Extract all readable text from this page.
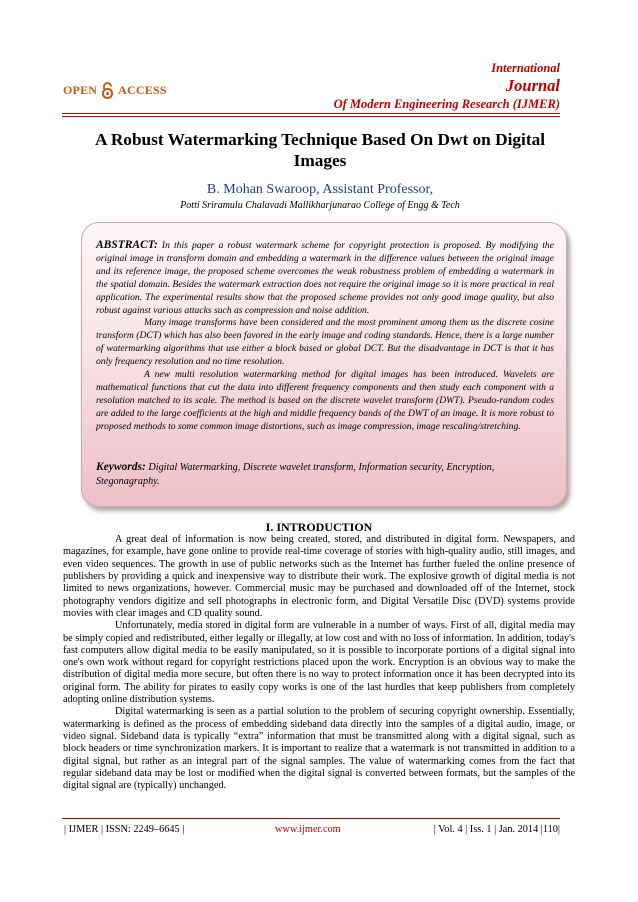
OPEN ACCESS
International
Journal
Of Modern Engineering Research (IJMER)
A Robust Watermarking Technique Based On Dwt on Digital Images
B. Mohan Swaroop, Assistant Professor,
Potti Sriramulu Chalavadi Mallikharjunarao College of Engg & Tech

ABSTRACT: In this paper a robust watermark scheme for copyright protection is proposed. By modifying the original image in transform domain and embedding a watermark in the difference values between the original image and its reference image, the proposed scheme overcomes the weak robustness problem of embedding a watermark in the spatial domain. Besides the watermark extraction does not require the original image so it is more practical in real application. The experimental results show that the proposed scheme provides not only good image quality, but also robust against various attacks such as compression and noise addition.

Many image transforms have been considered and the most prominent among them us the discrete cosine transform (DCT) which has also been favored in the early image and coding standards. Hence, there is a large number of watermarking algorithms that use either a block based or global DCT. But the disadvantage in DCT is that it has only frequency resolution and no time resolution.

A new multi resolution watermarking method for digital images has been introduced. Wavelets are mathematical functions that cut the data into different frequency components and then study each component with a resolution matched to its scale. The method is based on the discrete wavelet transform (DWT). Pseudo-random codes are added to the large coefficients at the high and middle frequency bands of the DWT of an image. It is more robust to proposed methods to some common image distortions, such as image compression, image rescaling/stretching.

Keywords: Digital Watermarking, Discrete wavelet transform, Information security, Encryption, Stegonagraphy.
I. INTRODUCTION

A great deal of information is now being created, stored, and distributed in digital form. Newspapers, and magazines, for example, have gone online to provide real-time coverage of stories with high-quality audio, still images, and even video sequences. The growth in use of public networks such as the Internet has further fueled the online presence of publishers by providing a quick and inexpensive way to distribute their work. The explosive growth of digital media is not limited to news organizations, however. Commercial music may be purchased and downloaded off of the Internet, stock photography vendors digitize and sell photographs in electronic form, and Digital Versatile Disc (DVD) systems provide movies with clear images and CD quality sound.

Unfortunately, media stored in digital form are vulnerable in a number of ways. First of all, digital media may be simply copied and redistributed, either legally or illegally, at low cost and with no loss of information. In addition, today's fast computers allow digital media to be easily manipulated, so it is possible to incorporate portions of a digital signal into one's own work without regard for copyright restrictions placed upon the work. Encryption is an obvious way to make the distribution of digital media more secure, but often there is no way to protect information once it has been decrypted into its original form. The ability for pirates to easily copy works is one of the last hurdles that keep publishers from completely adopting online distribution systems.

Digital watermarking is seen as a partial solution to the problem of securing copyright ownership. Essentially, watermarking is defined as the process of embedding sideband data directly into the samples of a digital audio, image, or video signal. Sideband data is typically “extra” information that must be transmitted along with a digital signal, such as block headers or time synchronization markers. It is important to realize that a watermark is not transmitted in addition to a digital signal, but rather as an integral part of the signal samples. The value of watermarking comes from the fact that regular sideband data may be lost or modified when the digital signal is converted between formats, but the samples of the digital signal are (typically) unchanged.

| IJMER | ISSN: 2249–6645 |	www.ijmer.com	| Vol. 4 | Iss. 1 | Jan. 2014 |110|
